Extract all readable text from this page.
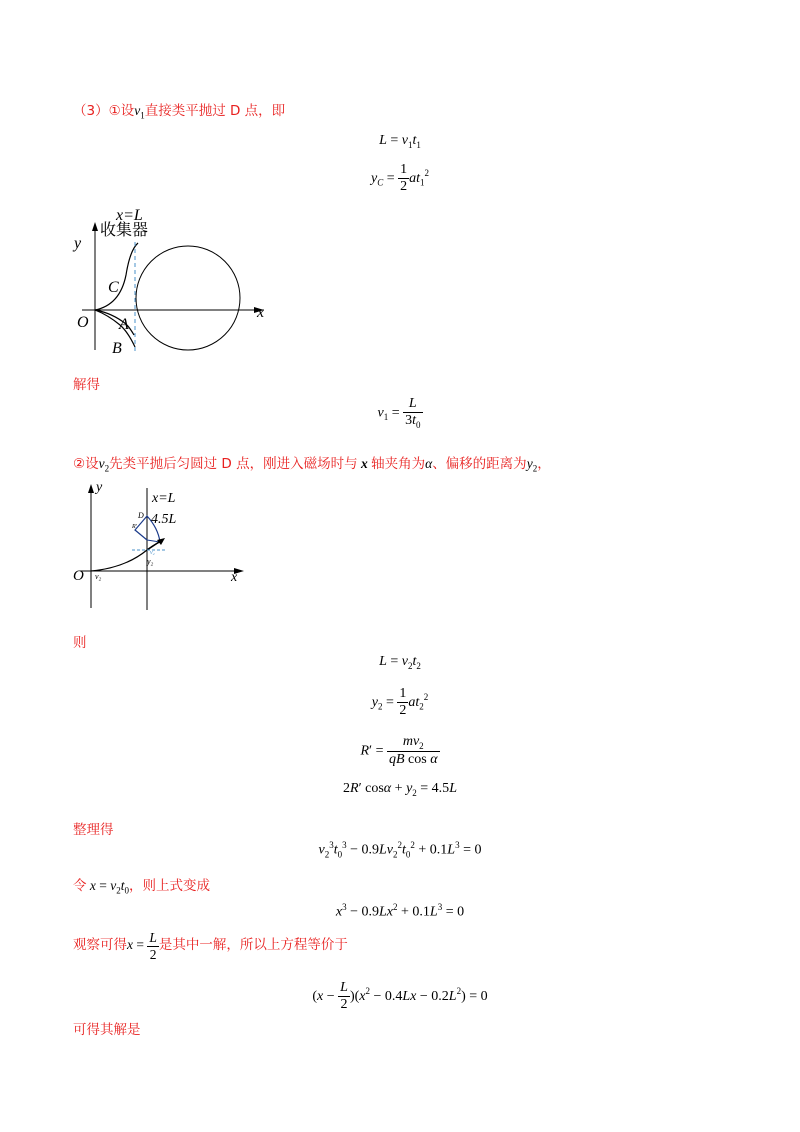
（3）①设$v_1$直接类平抛过 D 点，即
$L = v_1t_1$
$y_C = \frac{1}{2} at_1^2$
x=L
收集器
y
x
O
C
A
B
解得
$v_1 = \frac{L}{3t_0}$
②设$v_2$先类平抛后匀圆过 D 点，刚进入磁场时与 x 轴夹角为α、偏移的距离为$y_2$，
y
x
O
x=L
4.5L
D
R'
v₂
y₂
v₂
则
$L = v_2t_2$
$y_2 = \frac{1}{2} at_2^2$
$R' = \frac{mv_2}{\text{qB cos α}}$
2R′ $\cos\alpha + y_2 = 4.5L$
整理得
$v_2^3t_0^3 - 0.9Lv_2^2t_0^2 + 0.1L^3 = 0$
令 $x = v_2t_0$，则上式变成
$x^3 - 0.9Lx^2 + 0.1L^3 = 0$
观察可得$x = \frac{L}{2}$ 是其中一解，所以上方程等价于
$(x - \frac{L}{2} )(x^2 - 0.4Lx - 0.2L^2) = 0$
可得其解是
